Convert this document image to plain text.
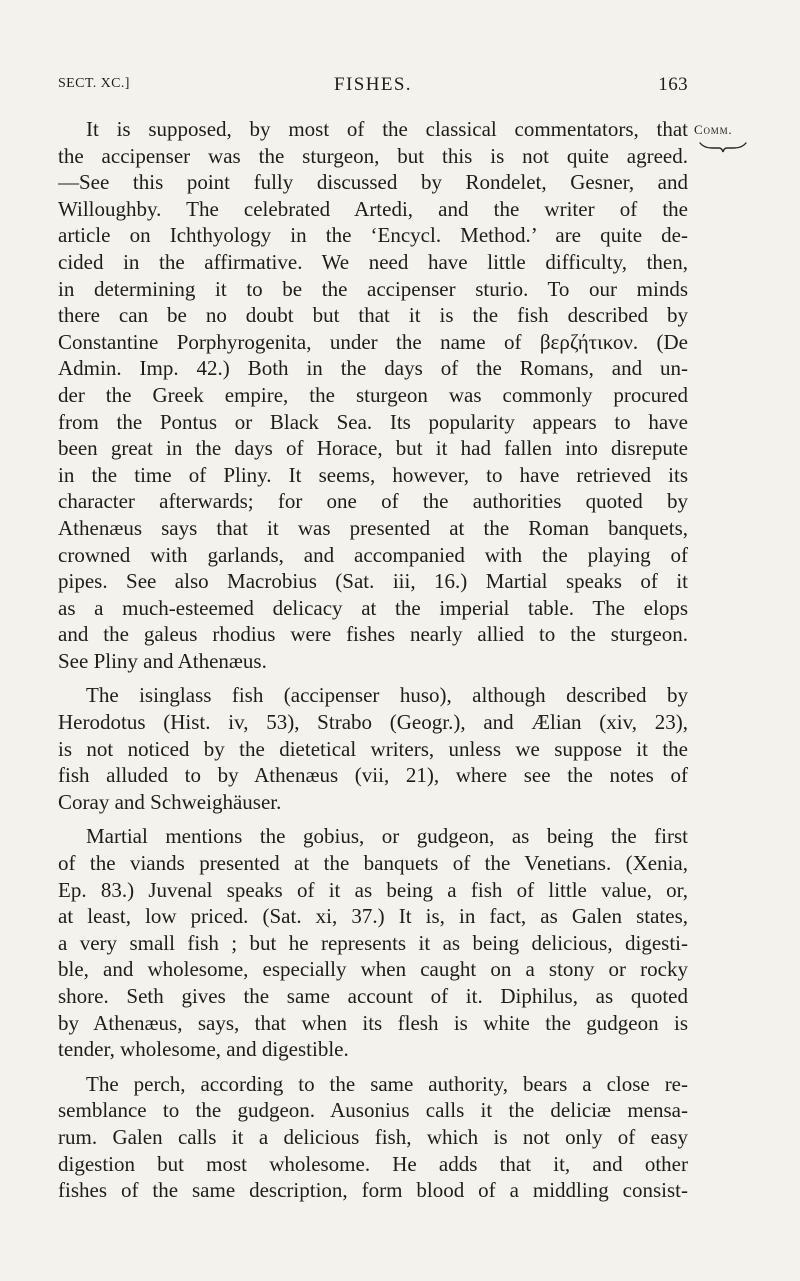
SECT. XC.]	FISHES.	163
Comm.
It is supposed, by most of the classical commentators, that
the accipenser was the sturgeon, but this is not quite agreed.
—See this point fully discussed by Rondelet, Gesner, and
Willoughby. The celebrated Artedi, and the writer of the
article on Ichthyology in the ‘Encycl. Method.’ are quite de-
cided in the affirmative. We need have little difficulty, then,
in determining it to be the accipenser sturio. To our minds
there can be no doubt but that it is the fish described by
Constantine Porphyrogenita, under the name of βερζήτικον. (De
Admin. Imp. 42.) Both in the days of the Romans, and un-
der the Greek empire, the sturgeon was commonly procured
from the Pontus or Black Sea. Its popularity appears to have
been great in the days of Horace, but it had fallen into disrepute
in the time of Pliny. It seems, however, to have retrieved its
character afterwards; for one of the authorities quoted by
Athenæus says that it was presented at the Roman banquets,
crowned with garlands, and accompanied with the playing of
pipes. See also Macrobius (Sat. iii, 16.) Martial speaks of it
as a much-esteemed delicacy at the imperial table. The elops
and the galeus rhodius were fishes nearly allied to the sturgeon.
See Pliny and Athenæus.
The isinglass fish (accipenser huso), although described by
Herodotus (Hist. iv, 53), Strabo (Geogr.), and Ælian (xiv, 23),
is not noticed by the dietetical writers, unless we suppose it the
fish alluded to by Athenæus (vii, 21), where see the notes of
Coray and Schweighäuser.
Martial mentions the gobius, or gudgeon, as being the first
of the viands presented at the banquets of the Venetians. (Xenia,
Ep. 83.) Juvenal speaks of it as being a fish of little value, or,
at least, low priced. (Sat. xi, 37.) It is, in fact, as Galen states,
a very small fish ; but he represents it as being delicious, digesti-
ble, and wholesome, especially when caught on a stony or rocky
shore. Seth gives the same account of it. Diphilus, as quoted
by Athenæus, says, that when its flesh is white the gudgeon is
tender, wholesome, and digestible.
The perch, according to the same authority, bears a close re-
semblance to the gudgeon. Ausonius calls it the deliciæ mensa-
rum. Galen calls it a delicious fish, which is not only of easy
digestion but most wholesome. He adds that it, and other
fishes of the same description, form blood of a middling consist-
